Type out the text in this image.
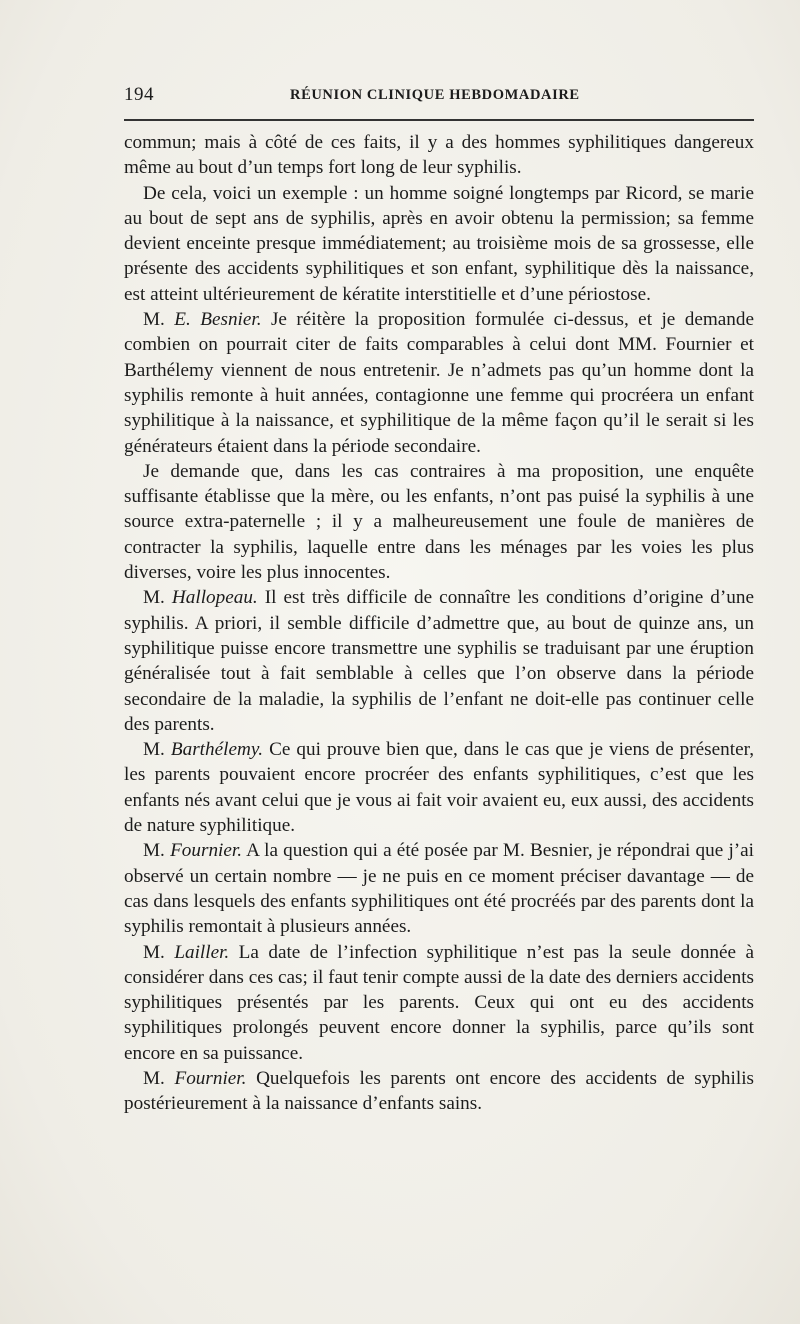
194	RÉUNION CLINIQUE HEBDOMADAIRE

commun; mais à côté de ces faits, il y a des hommes syphilitiques dangereux même au bout d’un temps fort long de leur syphilis.

De cela, voici un exemple : un homme soigné longtemps par Ricord, se marie au bout de sept ans de syphilis, après en avoir obtenu la permission; sa femme devient enceinte presque immédiatement; au troisième mois de sa grossesse, elle présente des accidents syphilitiques et son enfant, syphilitique dès la naissance, est atteint ultérieurement de kératite interstitielle et d’une périostose.

M. E. Besnier. Je réitère la proposition formulée ci-dessus, et je demande combien on pourrait citer de faits comparables à celui dont MM. Fournier et Barthélemy viennent de nous entretenir. Je n’admets pas qu’un homme dont la syphilis remonte à huit années, contagionne une femme qui procréera un enfant syphilitique à la naissance, et syphilitique de la même façon qu’il le serait si les générateurs étaient dans la période secondaire.

Je demande que, dans les cas contraires à ma proposition, une enquête suffisante établisse que la mère, ou les enfants, n’ont pas puisé la syphilis à une source extra-paternelle ; il y a malheureusement une foule de manières de contracter la syphilis, laquelle entre dans les ménages par les voies les plus diverses, voire les plus innocentes.

M. Hallopeau. Il est très difficile de connaître les conditions d’origine d’une syphilis. A priori, il semble difficile d’admettre que, au bout de quinze ans, un syphilitique puisse encore transmettre une syphilis se traduisant par une éruption généralisée tout à fait semblable à celles que l’on observe dans la période secondaire de la maladie, la syphilis de l’enfant ne doit-elle pas continuer celle des parents.

M. Barthélemy. Ce qui prouve bien que, dans le cas que je viens de présenter, les parents pouvaient encore procréer des enfants syphilitiques, c’est que les enfants nés avant celui que je vous ai fait voir avaient eu, eux aussi, des accidents de nature syphilitique.

M. Fournier. A la question qui a été posée par M. Besnier, je répondrai que j’ai observé un certain nombre — je ne puis en ce moment préciser davantage — de cas dans lesquels des enfants syphilitiques ont été procréés par des parents dont la syphilis remontait à plusieurs années.

M. Lailler. La date de l’infection syphilitique n’est pas la seule donnée à considérer dans ces cas; il faut tenir compte aussi de la date des derniers accidents syphilitiques présentés par les parents. Ceux qui ont eu des accidents syphilitiques prolongés peuvent encore donner la syphilis, parce qu’ils sont encore en sa puissance.

M. Fournier. Quelquefois les parents ont encore des accidents de syphilis postérieurement à la naissance d’enfants sains.
